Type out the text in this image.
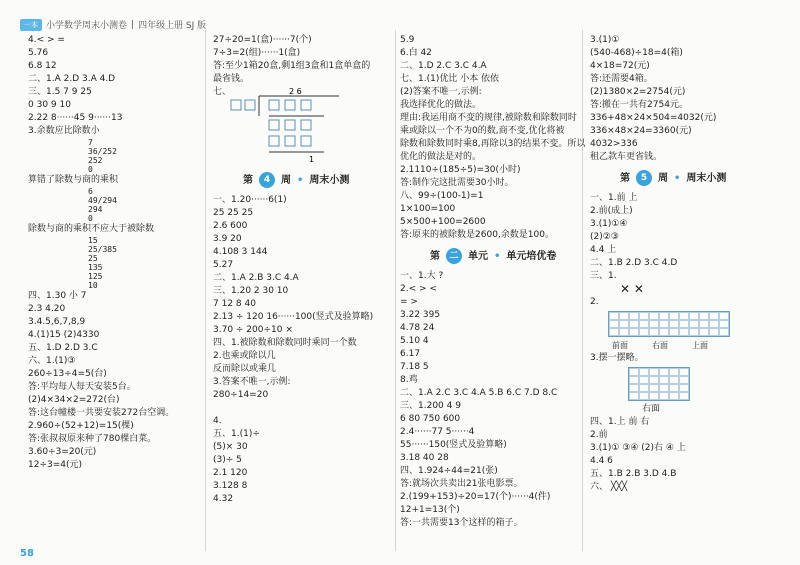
一本 小学数学周末小测卷 | 四年级上册 SJ 版
4.< > =
5.76
6.8 12
二、1.A 2.D 3.A 4.D
三、1.5 7 9 25
0 30 9 10
2.22 8······45 9······13
3.余数应比除数小
7
36/252
252
0
算错了除数与商的乘积
6
49/294
294
0
除数与商的乘积不应大于被除数
15
25/385
25
135
125
10
四、1.30 小 7
2.3 4.20
3.4.5,6,7,8,9
4.(1)15 (2)4330
五、1.D 2.D 3.C
六、1.(1)③
260÷13÷4=5(台)
答:平均每人每天安装5台。
(2)4×34×2=272(台)
答:这台幢楼一共要安装272台空调。
2.960÷(52+12)=15(棵)
答:张叔叔原来种了780棵白菜。
3.60÷3=20(元)
12÷3=4(元)
27÷20=1(盒)······7(个)
7÷3=2(组)······1(盒)
答:至少1箱20盒,剩1组3盒和1盒单盒的
最省钱。
七、	2 6
1
第	4	周 • 周末小测
一、1.20······6(1)
25 25 25
2.6 600
3.9 20
4.108 3 144
5.27
二、1.A 2.B 3.C 4.A
三、1.20 2 30 10
7 12 8 40
2.13 ÷ 120 16······100(竖式及验算略)
3.70 ÷ 200÷10 ×
四、1.被除数和除数同时乘同一个数
2.也乘或除以几
反而除以或乘几
3.答案不唯一,示例:
280÷14=20
4.
五、1.(1)÷
(5)× 30
(3)÷ 5
2.1 120
3.128 8
4.32
5.9
6.白 42
二、1.D 2.C 3.C 4.A
七、1.(1)优比 小本 依依
(2)答案不唯一,示例:
我选择优化的做法。
理由:我运用商不变的规律,被除数和除数同时
乘或除以一个不为0的数,商不变,优化将被
除数和除数同时乘8,再除以3的结果不变。所以
优化的做法是对的。
2.1110÷(185÷5)=30(小时)
答:制作完这批需要30小时。
八、99÷(100-1)=1
1×100=100
5×500+100=2600
答:原来的被除数是2600,余数是100。
第	二 单元 • 单元培优卷
一、1.大 ?
2.< > <
= >
3.22 395
4.78 24
5.10 4
6.17
7.18 5
8.鸡
二、1.A 2.C 3.C 4.A 5.B 6.C 7.D 8.C
三、1.200 4 9
6 80 750 600
2.4······77 5······4
55······150(竖式及验算略)
3.18 40 28
四、1.924÷44=21(张)
答:就场次共卖出21张电影票。
2.(199+153)÷20=17(个)······4(件)
12+1=13(个)
答:一共需要13个这样的箱子。
3.(1)①
(540-468)÷18=4(箱)
4×18=72(元)
答:还需要4箱。
(2)1380×2=2754(元)
答:搬在一共有2754元。
336+48×24×504=4032(元)
336×48×24=3360(元)
4032>336
租乙款车更省钱。
第	5	周 • 周末小测
一、1.前 上
2.前(成上)
3.(1)①④
(2)②③
4.4 上
二、1.B 2.D 3.C 4.D
三、1.
✕ ✕
2.
前面	右面	上面
3.摆一摆略。
右面
四、1.上 前 右
2.前
3.(1)① ③④ (2)右 ④ 上
4.4 6
五、1.B 2.B 3.D 4.B
六、 ╳╳╳
58
